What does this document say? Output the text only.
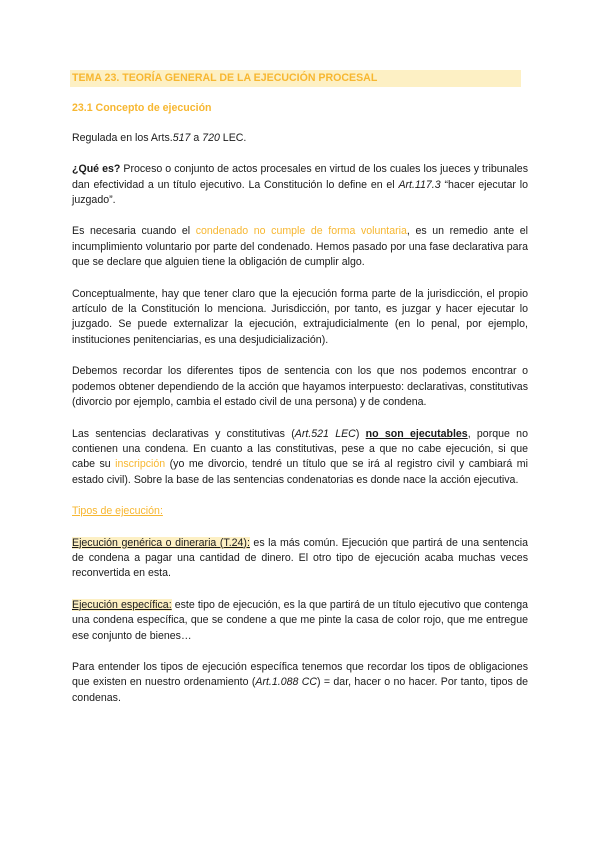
TEMA 23. TEORÍA GENERAL DE LA EJECUCIÓN PROCESAL
23.1 Concepto de ejecución

Regulada en los Arts.517 a 720 LEC.

¿Qué es? Proceso o conjunto de actos procesales en virtud de los cuales los jueces y tribunales dan efectividad a un título ejecutivo. La Constitución lo define en el Art.117.3 “hacer ejecutar lo juzgado”.

Es necesaria cuando el condenado no cumple de forma voluntaria, es un remedio ante el incumplimiento voluntario por parte del condenado. Hemos pasado por una fase declarativa para que se declare que alguien tiene la obligación de cumplir algo.

Conceptualmente, hay que tener claro que la ejecución forma parte de la jurisdicción, el propio artículo de la Constitución lo menciona. Jurisdicción, por tanto, es juzgar y hacer ejecutar lo juzgado. Se puede externalizar la ejecución, extrajudicialmente (en lo penal, por ejemplo, instituciones penitenciarias, es una desjudicialización).

Debemos recordar los diferentes tipos de sentencia con los que nos podemos encontrar o podemos obtener dependiendo de la acción que hayamos interpuesto: declarativas, constitutivas (divorcio por ejemplo, cambia el estado civil de una persona) y de condena.

Las sentencias declarativas y constitutivas (Art.521 LEC) no son ejecutables, porque no contienen una condena. En cuanto a las constitutivas, pese a que no cabe ejecución, si que cabe su inscripción (yo me divorcio, tendré un título que se irá al registro civil y cambiará mi estado civil). Sobre la base de las sentencias condenatorias es donde nace la acción ejecutiva.

Tipos de ejecución:

Ejecución genérica o dineraria (T.24): es la más común. Ejecución que partirá de una sentencia de condena a pagar una cantidad de dinero. El otro tipo de ejecución acaba muchas veces reconvertida en esta.

Ejecución específica: este tipo de ejecución, es la que partirá de un título ejecutivo que contenga una condena específica, que se condene a que me pinte la casa de color rojo, que me entregue ese conjunto de bienes…

Para entender los tipos de ejecución específica tenemos que recordar los tipos de obligaciones que existen en nuestro ordenamiento (Art.1.088 CC) = dar, hacer o no hacer. Por tanto, tipos de condenas.
